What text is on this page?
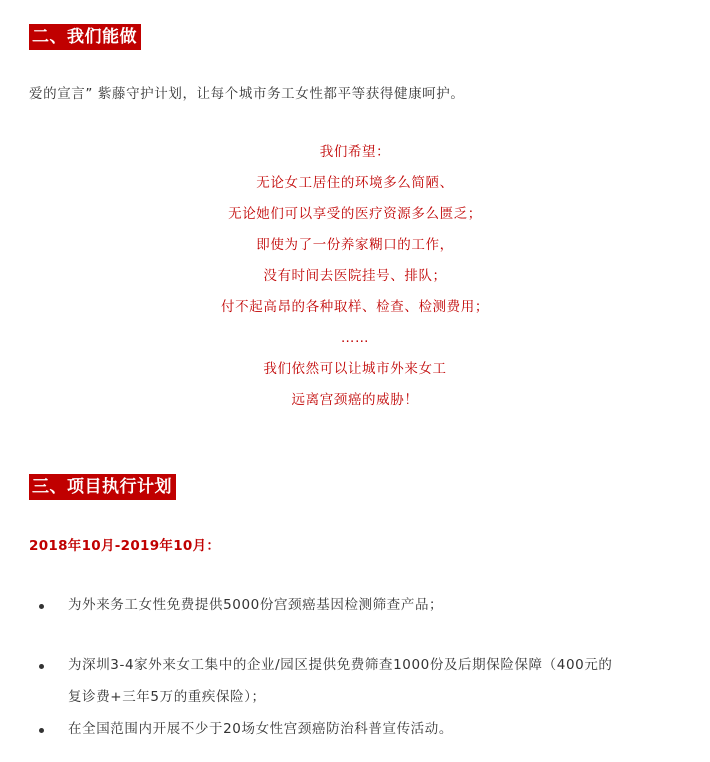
二、我们能做
爱的宣言” 紫藤守护计划，让每个城市务工女性都平等获得健康呵护。
我们希望：
无论女工居住的环境多么简陋、
无论她们可以享受的医疗资源多么匮乏；
即使为了一份养家糊口的工作，
没有时间去医院挂号、排队；
付不起高昂的各种取样、检查、检测费用；
……
我们依然可以让城市外来女工
远离宫颈癌的威胁！
三、项目执行计划
2018年10月-2019年10月：
为外来务工女性免费提供5000份宫颈癌基因检测筛查产品；
为深圳3-4家外来女工集中的企业/园区提供免费筛查1000份及后期保险保障（400元的
复诊费+三年5万的重疾保险）；
在全国范围内开展不少于20场女性宫颈癌防治科普宣传活动。
